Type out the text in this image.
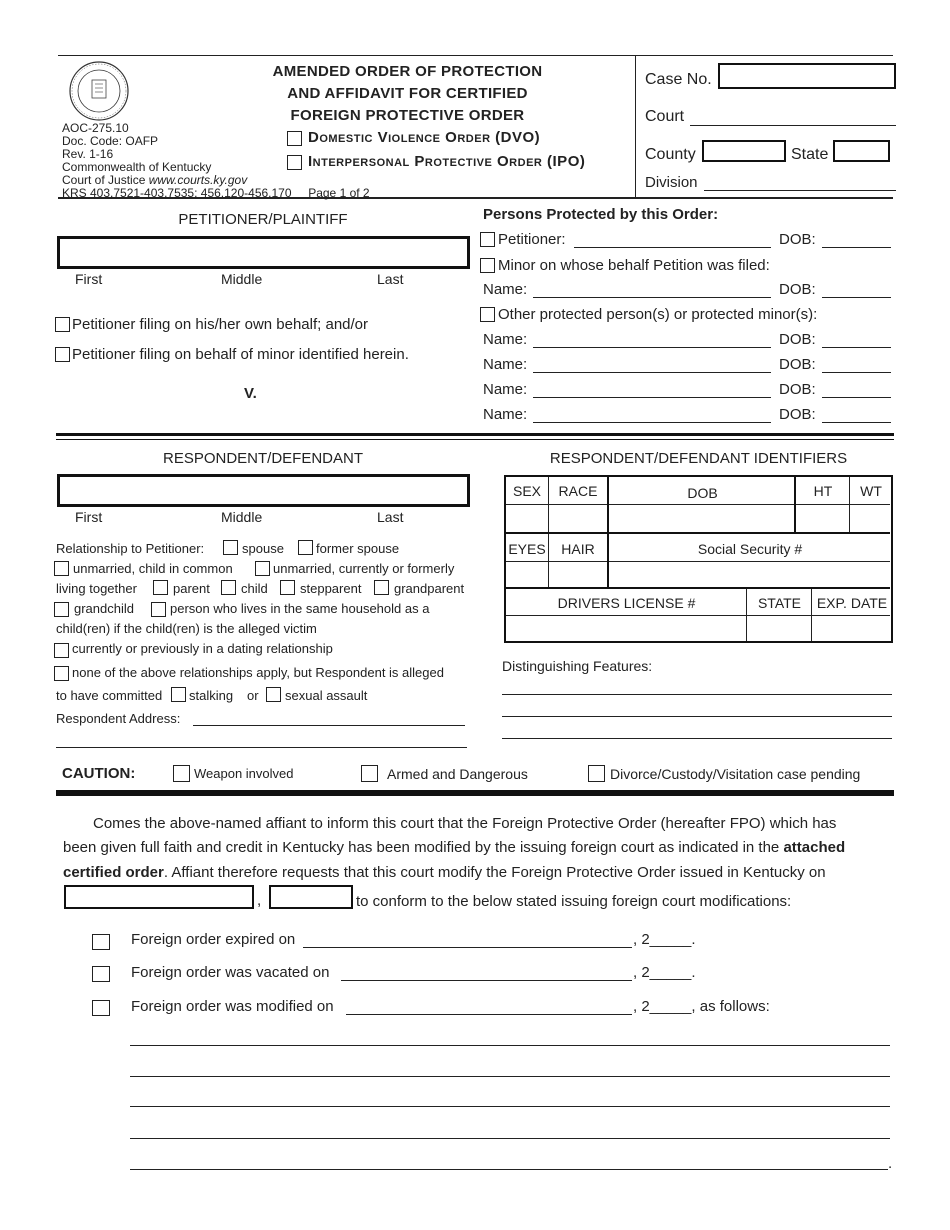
AOC-275.10
Doc. Code: OAFP
Rev. 1-16
Commonwealth of Kentucky
Court of Justice www.courts.ky.gov
KRS 403.7521-403.7535; 456.120-456.170 Page 1 of 2
AMENDED ORDER OF PROTECTION
AND AFFIDAVIT FOR CERTIFIED
FOREIGN PROTECTIVE ORDER
Domestic Violence Order (DVO)
Interpersonal Protective Order (IPO)
Case No.
Court
County	State
Division
PETITIONER/PLAINTIFF
First	Middle	Last
Petitioner filing on his/her own behalf; and/or
Petitioner filing on behalf of minor identified herein.
V.
Persons Protected by this Order:
Petitioner:	DOB:
Minor on whose behalf Petition was filed:
Name:	DOB:
Other protected person(s) or protected minor(s):
Name:	DOB:
Name:	DOB:
Name:	DOB:
Name:	DOB:
RESPONDENT/DEFENDANT
First	Middle	Last
Relationship to Petitioner:	spouse former spouse
unmarried, child in common	unmarried, currently or formerly
living together	parent child stepparent	grandparent
grandchild	person who lives in the same household as a
child(ren) if the child(ren) is the alleged victim
currently or previously in a dating relationship
none of the above relationships apply, but Respondent is alleged
to have committed stalking or sexual assault
Respondent Address:
RESPONDENT/DEFENDANT IDENTIFIERS
SEX	RACE	DOB	HT	WT
EYES	HAIR	Social Security #
DRIVERS LICENSE #	STATE	EXP. DATE
Distinguishing Features:
CAUTION:	Weapon involved	Armed and Dangerous	Divorce/Custody/Visitation case pending
Comes the above-named affiant to inform this court that the Foreign Protective Order (hereafter FPO) which has
been given full faith and credit in Kentucky has been modified by the issuing foreign court as indicated in the attached
certified order. Affiant therefore requests that this court modify the Foreign Protective Order issued in Kentucky on
,	to conform to the below stated issuing foreign court modifications:
Foreign order expired on	, 2_____.
Foreign order was vacated on	, 2_____.
Foreign order was modified on	, 2_____, as follows:
.
